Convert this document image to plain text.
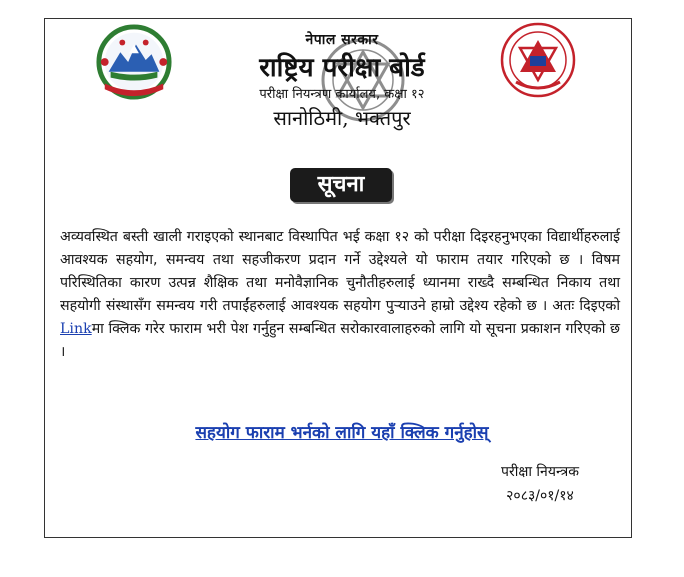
नेपाल सरकार
राष्ट्रिय परीक्षा बोर्ड
परीक्षा नियन्त्रण कार्यालय, कक्षा १२
सानोठिमी, भक्तपुर
सूचना

अव्यवस्थित बस्ती खाली गराइएको स्थानबाट विस्थापित भई कक्षा १२ को परीक्षा दिइरहनुभएका विद्यार्थीहरुलाई आवश्यक सहयोग, समन्वय तथा सहजीकरण प्रदान गर्ने उद्देश्यले यो फाराम तयार गरिएको छ । विषम परिस्थितिका कारण उत्पन्न शैक्षिक तथा मनोवैज्ञानिक चुनौतीहरुलाई ध्यानमा राख्दै सम्बन्धित निकाय तथा सहयोगी संस्थासँग समन्वय गरी तपाईंहरुलाई आवश्यक सहयोग पुर्‍याउने हाम्रो उद्देश्य रहेको छ । अतः दिइएको Linkमा क्लिक गरेर फाराम भरी पेश गर्नुहुन सम्बन्धित सरोकारवालाहरुको लागि यो सूचना प्रकाशन गरिएको छ ।

सहयोग फाराम भर्नको लागि यहाँ क्लिक गर्नुहोस्
परीक्षा नियन्त्रक
२०८३/०१/१४
